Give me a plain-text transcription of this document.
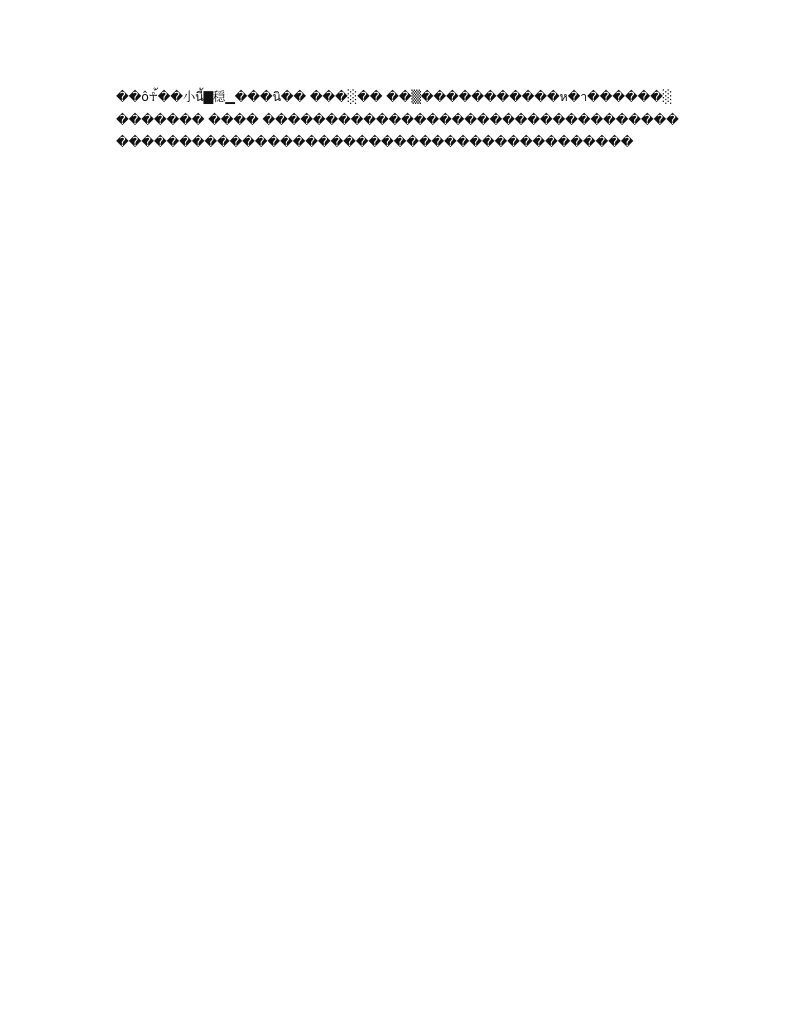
��ô☥้��小นี้▇穏▁���นิ�� ���░�� ��▒�����������ห�า������░������� ���� ��������������������������������������������������������������������������
